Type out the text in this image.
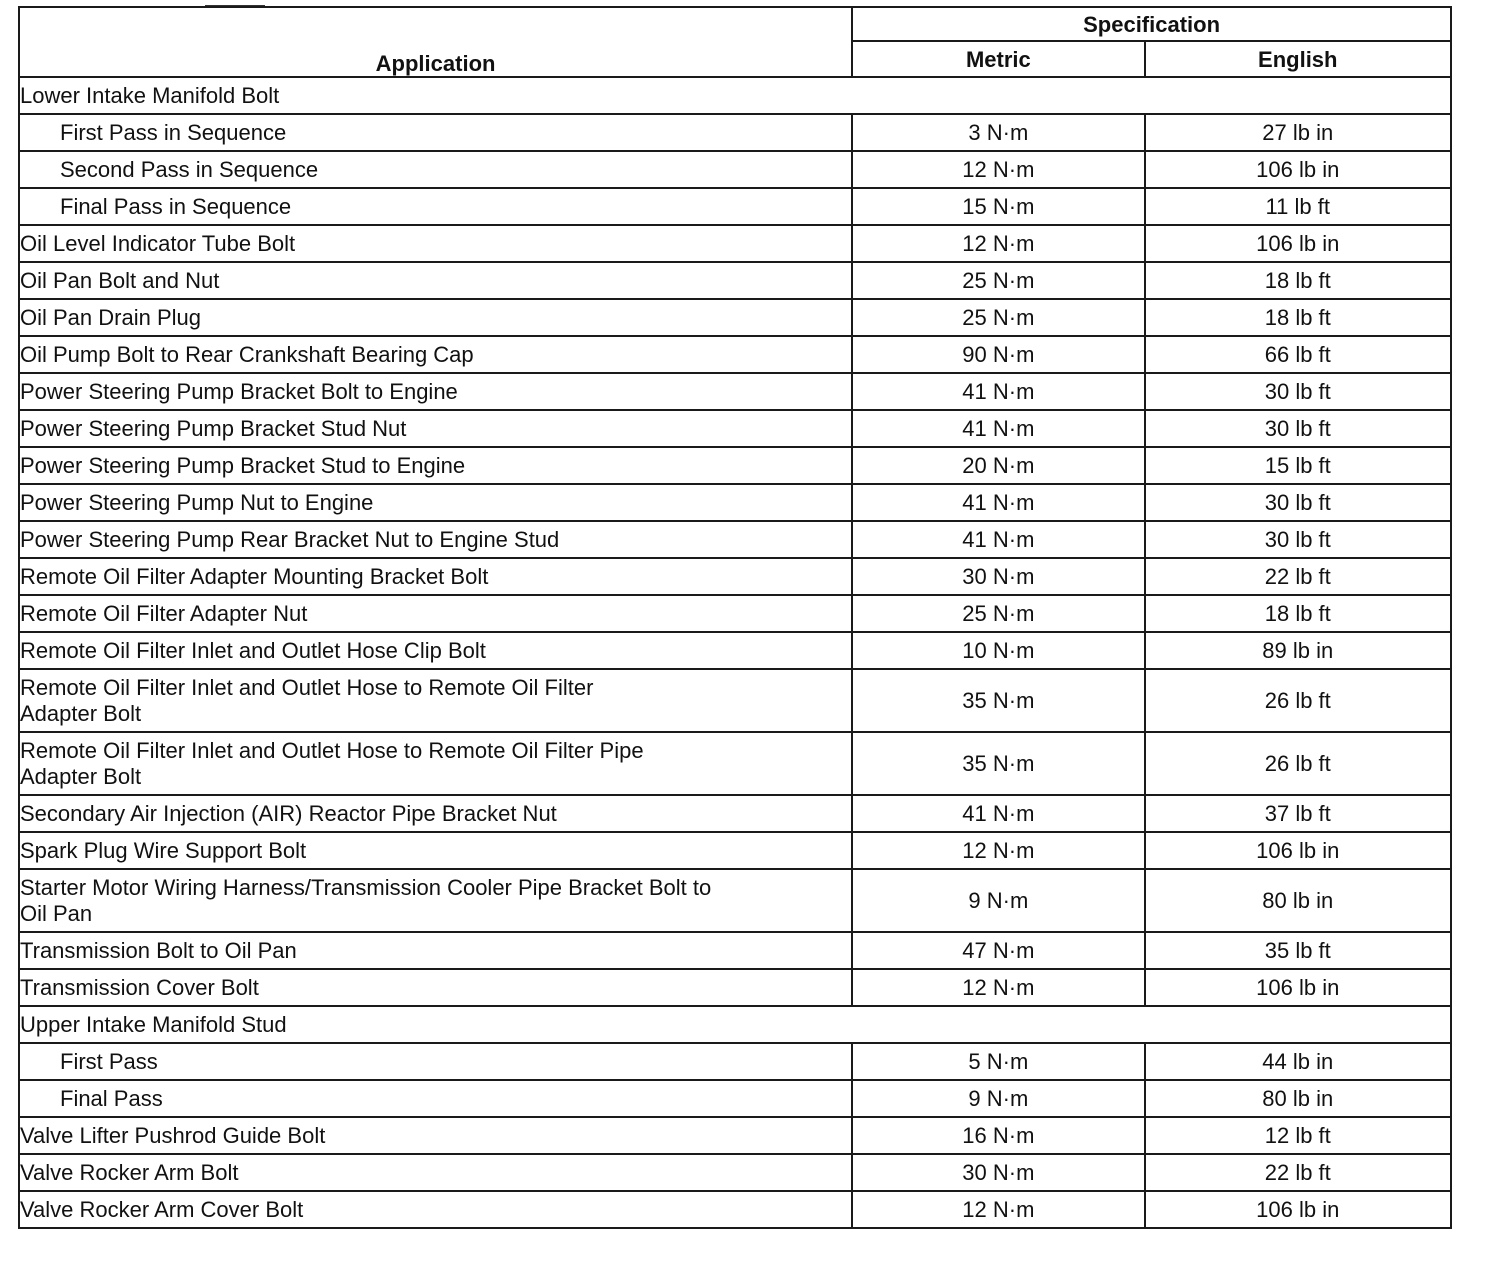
Application	Specification	
	Metric	English
Lower Intake Manifold Bolt		
First Pass in Sequence	3 N·m	27 lb in
Second Pass in Sequence	12 N·m	106 lb in
Final Pass in Sequence	15 N·m	11 lb ft
Oil Level Indicator Tube Bolt	12 N·m	106 lb in
Oil Pan Bolt and Nut	25 N·m	18 lb ft
Oil Pan Drain Plug	25 N·m	18 lb ft
Oil Pump Bolt to Rear Crankshaft Bearing Cap	90 N·m	66 lb ft
Power Steering Pump Bracket Bolt to Engine	41 N·m	30 lb ft
Power Steering Pump Bracket Stud Nut	41 N·m	30 lb ft
Power Steering Pump Bracket Stud to Engine	20 N·m	15 lb ft
Power Steering Pump Nut to Engine	41 N·m	30 lb ft
Power Steering Pump Rear Bracket Nut to Engine Stud	41 N·m	30 lb ft
Remote Oil Filter Adapter Mounting Bracket Bolt	30 N·m	22 lb ft
Remote Oil Filter Adapter Nut	25 N·m	18 lb ft
Remote Oil Filter Inlet and Outlet Hose Clip Bolt	10 N·m	89 lb in

Remote Oil Filter Inlet and Outlet Hose to Remote Oil Filter
Adapter Bolt	35 N·m	26 lb ft

Remote Oil Filter Inlet and Outlet Hose to Remote Oil Filter Pipe
Adapter Bolt	35 N·m	26 lb ft
Secondary Air Injection (AIR) Reactor Pipe Bracket Nut	41 N·m	37 lb ft
Spark Plug Wire Support Bolt	12 N·m	106 lb in

Starter Motor Wiring Harness/Transmission Cooler Pipe Bracket Bolt to
Oil Pan	9 N·m	80 lb in
Transmission Bolt to Oil Pan	47 N·m	35 lb ft
Transmission Cover Bolt	12 N·m	106 lb in
Upper Intake Manifold Stud		
First Pass	5 N·m	44 lb in
Final Pass	9 N·m	80 lb in
Valve Lifter Pushrod Guide Bolt	16 N·m	12 lb ft
Valve Rocker Arm Bolt	30 N·m	22 lb ft
Valve Rocker Arm Cover Bolt	12 N·m	106 lb in
